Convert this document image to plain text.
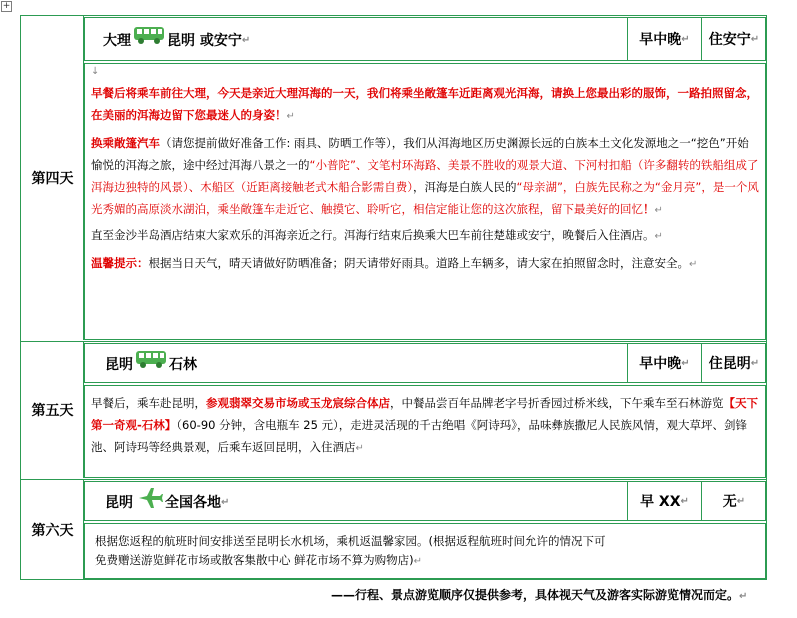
+
第四天
大理	昆明 或安宁 ↵	早中晚 ↵ 住安宁 ↵
↓
早餐后将乘车前往大理，今天是亲近大理洱海的一天，我们将乘坐敞篷车近距离观光洱海，请换上您最出彩的服饰，一路拍照留念，在美丽的洱海边留下您最迷人的身姿！↵
换乘敞篷汽车（请您提前做好准备工作: 雨具、防晒工作等），我们从洱海地区历史渊源长远的白族本土文化发源地之一“挖色”开始愉悦的洱海之旅，途中经过洱海八景之一的“小普陀”、文笔村环海路、美景不胜收的观景大道、下河村扣船（许多翻转的铁船组成了洱海边独特的风景）、木船区（近距离接触老式木船合影需自费），洱海是白族人民的“母亲湖”，白族先民称之为“金月亮”，是一个风光秀媚的高原淡水湖泊，乘坐敞篷车走近它、触摸它、聆听它，相信定能让您的这次旅程，留下最美好的回忆！↵
直至金沙半岛酒店结束大家欢乐的洱海亲近之行。洱海行结束后换乘大巴车前往楚雄或安宁，晚餐后入住酒店。↵
温馨提示：根据当日天气，晴天请做好防晒准备；阴天请带好雨具。道路上车辆多，请大家在拍照留念时，注意安全。↵
第五天
昆明	石林	早中晚 ↵ 住昆明 ↵
早餐后，乘车赴昆明，参观翡翠交易市场或玉龙宸综合体店，中餐品尝百年品牌老字号折香园过桥米线，下午乘车至石林游览【天下第一奇观-石林】（60-90 分钟，含电瓶车 25 元），走进灵活现的千古绝唱《阿诗玛》，品味彝族撒尼人民族风情，观大草坪、剑锋池、阿诗玛等经典景观，后乘车返回昆明，入住酒店↵
第六天
昆明 全国各地 ↵	早 XX ↵ 无 ↵
根据您返程的航班时间安排送至昆明长水机场，乘机返温馨家园。(根据返程航班时间允许的情况下可
免费赠送游览鲜花市场或散客集散中心 鲜花市场不算为购物店)↵
——行程、景点游览顺序仅提供参考，具体视天气及游客实际游览情况而定。↵
